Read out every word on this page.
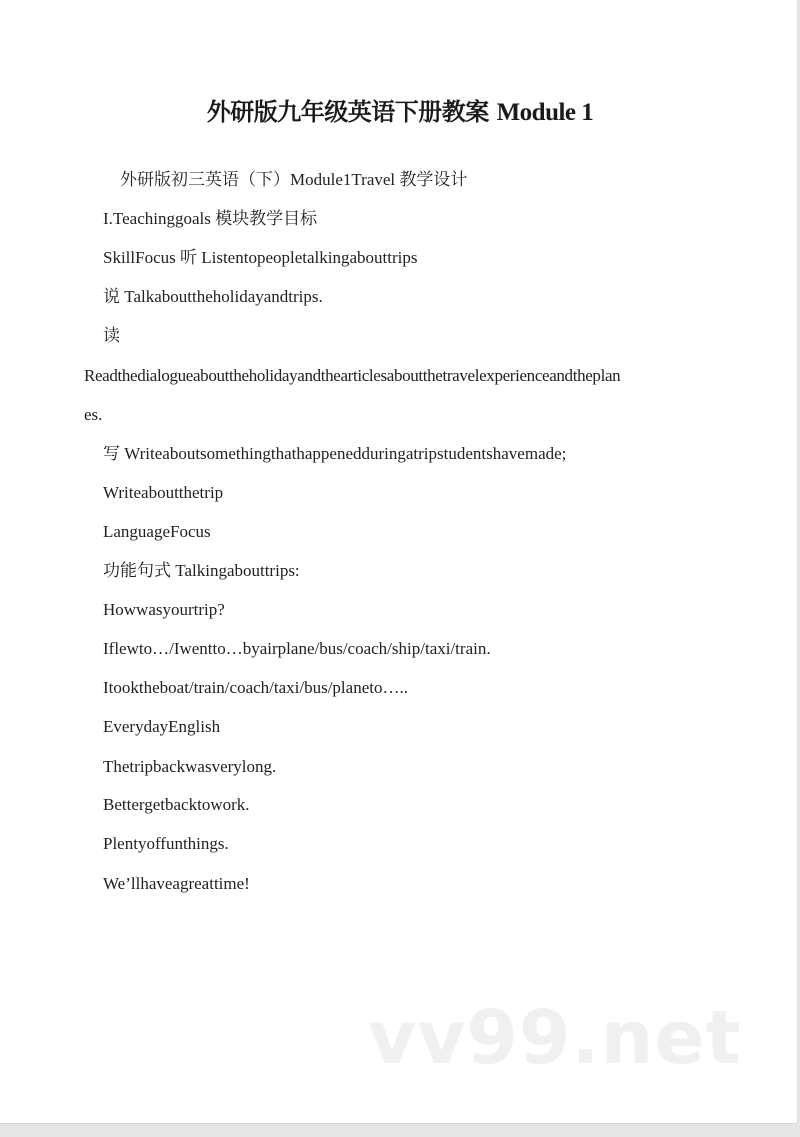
外研版九年级英语下册教案 Module 1
外研版初三英语（下）Module1Travel 教学设计
I.Teachinggoals 模块教学目标
SkillFocus 听 Listentopeopletalkingabouttrips
说 Talkabouttheholidayandtrips.
读
Readthedialogueabouttheholidayandthearticlesaboutthetravelexperienceandtheplan
es.
写 Writeaboutsomethingthathappenedduringatripstudentshavemade;
Writeaboutthetrip
LanguageFocus
功能句式 Talkingabouttrips:
Howwasyourtrip?
Iflewto…/Iwentto…byairplane/bus/coach/ship/taxi/train.
Itooktheboat/train/coach/taxi/bus/planeto…..
EverydayEnglish
Thetripbackwasverylong.
Bettergetbacktowork.
Plentyoffunthings.
We’llhaveagreattime!
vv99.net
